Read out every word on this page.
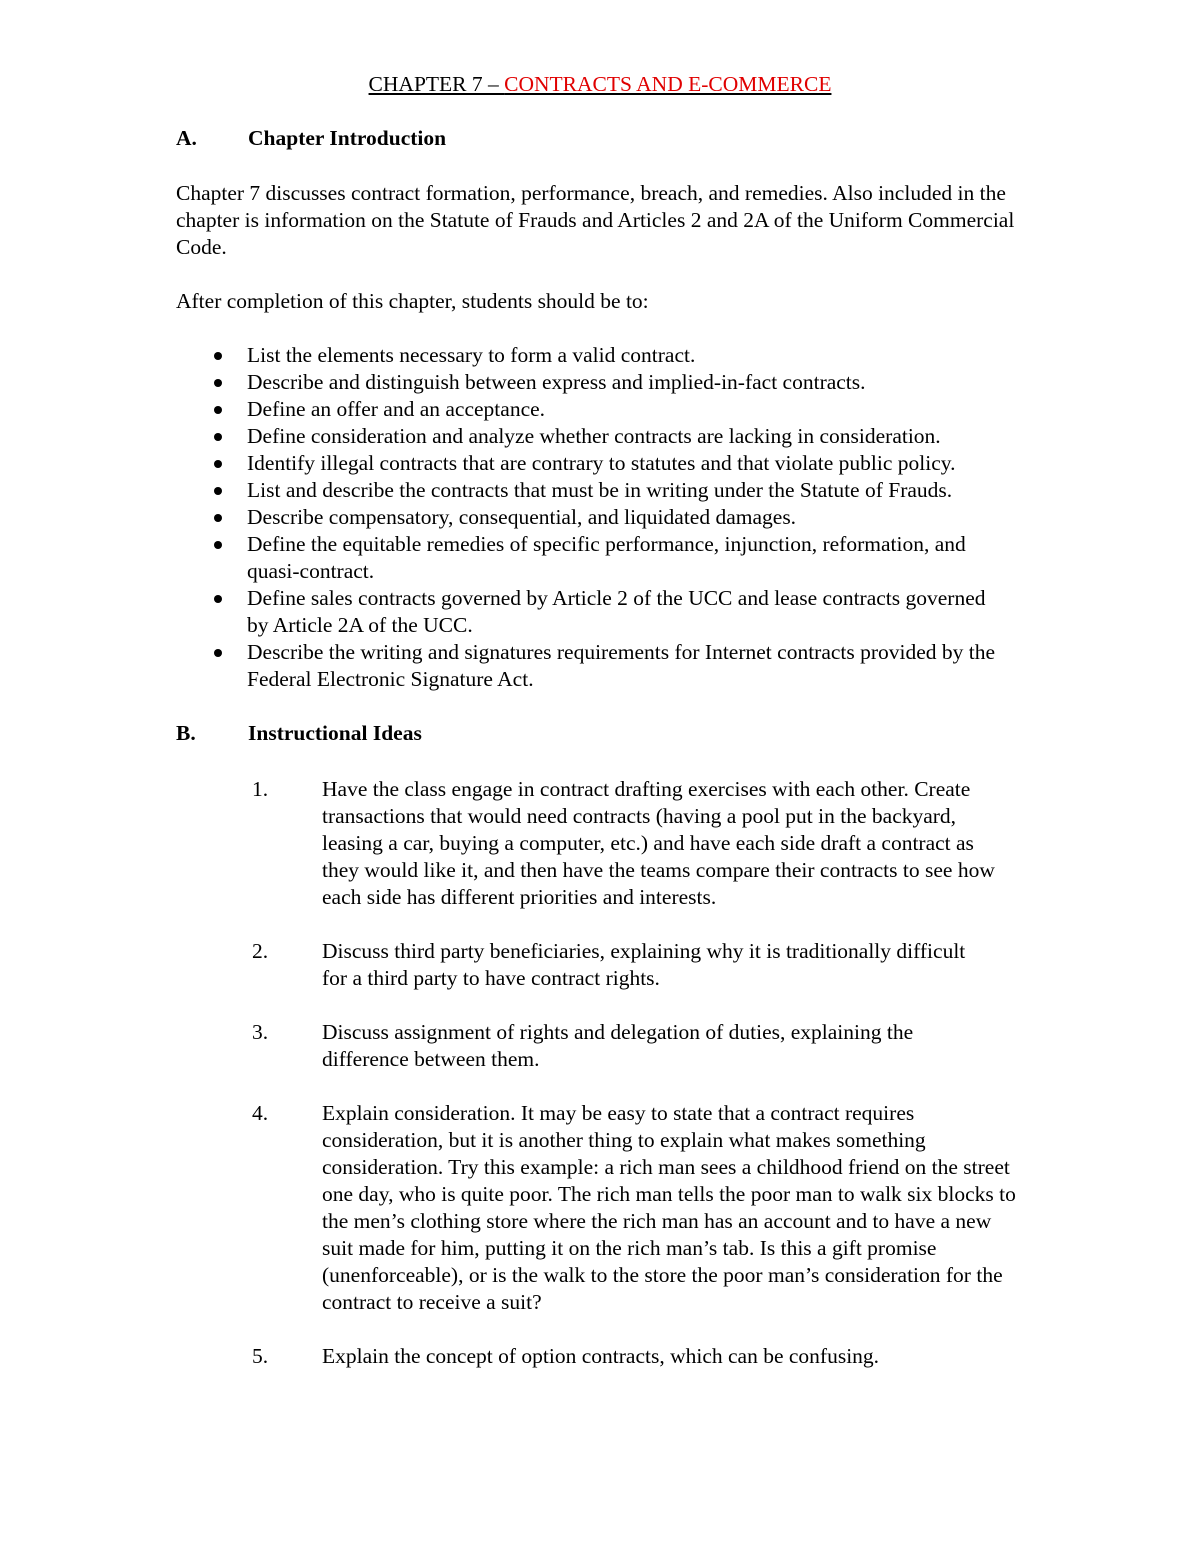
CHAPTER 7 – CONTRACTS AND E-COMMERCE
A. Chapter Introduction

Chapter 7 discusses contract formation, performance, breach, and remedies. Also included in the chapter is information on the Statute of Frauds and Articles 2 and 2A of the Uniform Commercial Code.

After completion of this chapter, students should be to:

List the elements necessary to form a valid contract.
Describe and distinguish between express and implied-in-fact contracts.
Define an offer and an acceptance.
Define consideration and analyze whether contracts are lacking in consideration.
Identify illegal contracts that are contrary to statutes and that violate public policy.
List and describe the contracts that must be in writing under the Statute of Frauds.
Describe compensatory, consequential, and liquidated damages.
Define the equitable remedies of specific performance, injunction, reformation, and quasi-contract.
Define sales contracts governed by Article 2 of the UCC and lease contracts governed by Article 2A of the UCC.
Describe the writing and signatures requirements for Internet contracts provided by the Federal Electronic Signature Act.
B. Instructional Ideas
1.	Have the class engage in contract drafting exercises with each other. Create transactions that would need contracts (having a pool put in the backyard, leasing a car, buying a computer, etc.) and have each side draft a contract as they would like it, and then have the teams compare their contracts to see how each side has different priorities and interests.
2.	Discuss third party beneficiaries, explaining why it is traditionally difficult for a third party to have contract rights.
3.	Discuss assignment of rights and delegation of duties, explaining the difference between them.
4.	Explain consideration. It may be easy to state that a contract requires consideration, but it is another thing to explain what makes something consideration. Try this example: a rich man sees a childhood friend on the street one day, who is quite poor. The rich man tells the poor man to walk six blocks to the men’s clothing store where the rich man has an account and to have a new suit made for him, putting it on the rich man’s tab. Is this a gift promise (unenforceable), or is the walk to the store the poor man’s consideration for the contract to receive a suit?
5.	Explain the concept of option contracts, which can be confusing.
